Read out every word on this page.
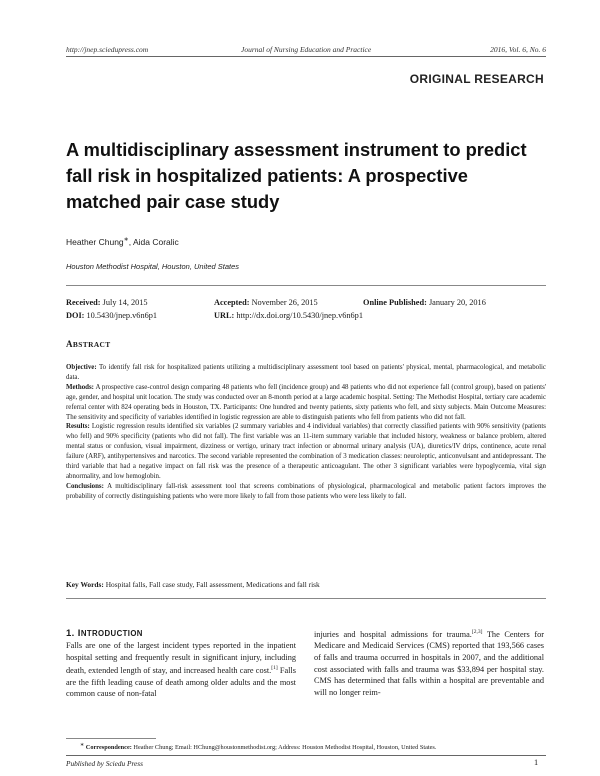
http://jnep.sciedupress.com	Journal of Nursing Education and Practice	2016, Vol. 6, No. 6
ORIGINAL RESEARCH
A multidisciplinary assessment instrument to predict fall risk in hospitalized patients: A prospective matched pair case study
Heather Chung∗, Aida Coralic
Houston Methodist Hospital, Houston, United States
Received: July 14, 2015	Accepted: November 26, 2015	Online Published: January 20, 2016
DOI: 10.5430/jnep.v6n6p1	URL: http://dx.doi.org/10.5430/jnep.v6n6p1
ABSTRACT

Objective: To identify fall risk for hospitalized patients utilizing a multidisciplinary assessment tool based on patients' physical, mental, pharmacological, and metabolic data.

Methods: A prospective case-control design comparing 48 patients who fell (incidence group) and 48 patients who did not experience fall (control group), based on patients' age, gender, and hospital unit location. The study was conducted over an 8-month period at a large academic hospital. Setting: The Methodist Hospital, tertiary care academic referral center with 824 operating beds in Houston, TX. Participants: One hundred and twenty patients, sixty patients who fell, and sixty subjects. Main Outcome Measures: The sensitivity and specificity of variables identified in logistic regression are able to distinguish patients who fell from patients who did not fall.

Results: Logistic regression results identified six variables (2 summary variables and 4 individual variables) that correctly classified patients with 90% sensitivity (patients who fell) and 90% specificity (patients who did not fall). The first variable was an 11-item summary variable that included history, weakness or balance problem, altered mental status or confusion, visual impairment, dizziness or vertigo, urinary tract infection or abnormal urinary analysis (UA), diuretics/IV drips, continence, acute renal failure (ARF), antihypertensives and narcotics. The second variable represented the combination of 3 medication classes: neuroleptic, anticonvulsant and antidepressant. The third variable that had a negative impact on fall risk was the presence of a therapeutic anticoagulant. The other 3 significant variables were hypoglycemia, vital sign abnormality, and low hemoglobin.

Conclusions: A multidisciplinary fall-risk assessment tool that screens combinations of physiological, pharmacological and metabolic patient factors improves the probability of correctly distinguishing patients who were more likely to fall from those patients who were less likely to fall.

Key Words: Hospital falls, Fall case study, Fall assessment, Medications and fall risk
1. INTRODUCTION

Falls are one of the largest incident types reported in the inpatient hospital setting and frequently result in significant injury, including death, extended length of stay, and increased health care cost.[1] Falls are the fifth leading cause of death among older adults and the most common cause of non-fatal

injuries and hospital admissions for trauma.[2,3] The Centers for Medicare and Medicaid Services (CMS) reported that 193,566 cases of falls and trauma occurred in hospitals in 2007, and the additional cost associated with falls and trauma was $33,894 per hospital stay. CMS has determined that falls within a hospital are preventable and will no longer reim-

∗ Correspondence: Heather Chung; Email: HChung@houstonmethodist.org; Address: Houston Methodist Hospital, Houston, United States.
Published by Sciedu Press	1
